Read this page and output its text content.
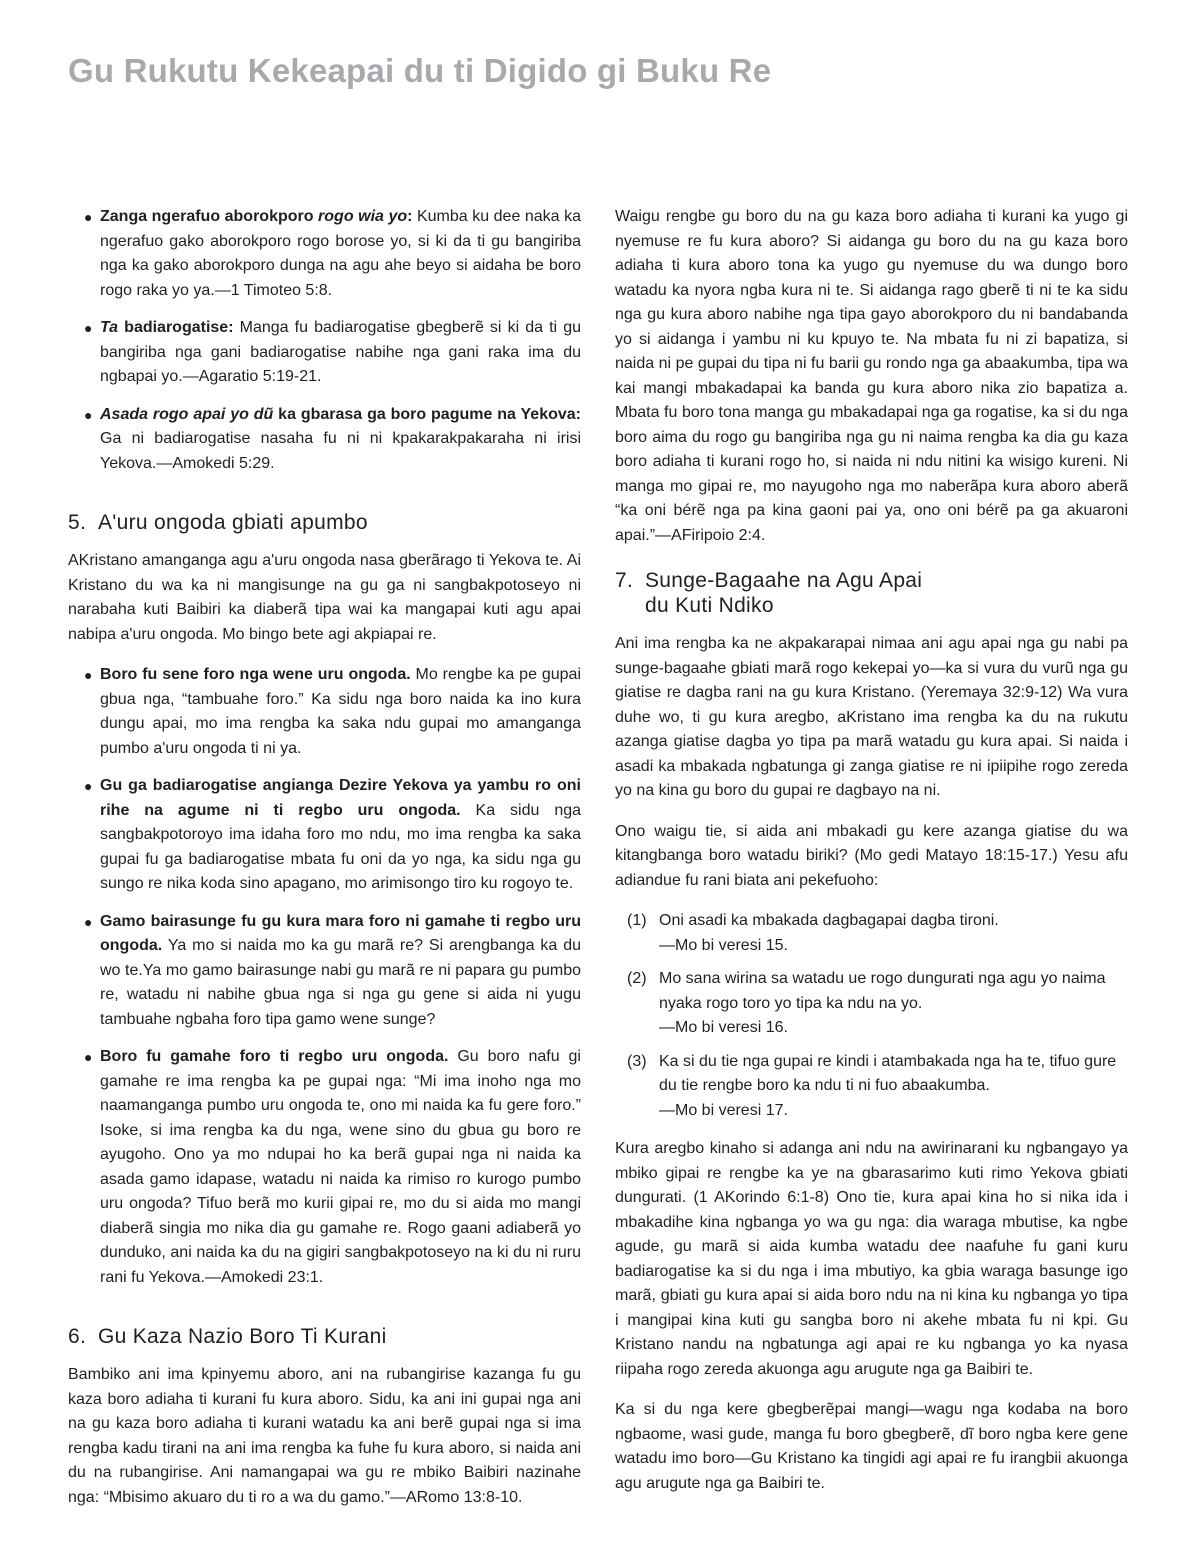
Gu Rukutu Kekeapai du ti Digido gi Buku Re
● Zanga ngerafuo aborokporo rogo wia yo: Kumba ku dee naka ka ngerafuo gako aborokporo rogo borose yo, si ki da ti gu bangiriba nga ka gako aborokporo dunga na agu ahe beyo si aidaha be boro rogo raka yo ya.—1 Timoteo 5:8.
● Ta badiarogatise: Manga fu badiarogatise gbegberẽ si ki da ti gu bangiriba nga gani badiarogatise nabihe nga gani raka ima du ngbapai yo.—Agaratio 5:19-21.
● Asada rogo apai yo dũ ka gbarasa ga boro pagume na Yekova: Ga ni badiarogatise nasaha fu ni ni kpakarakpakaraha ni irisi Yekova.—Amokedi 5:29.
5. A'uru ongoda gbiati apumbo

AKristano amanganga agu a'uru ongoda nasa gberãrago ti Yekova te. Ai Kristano du wa ka ni mangisunge na gu ga ni sangbakpotoseyo ni narabaha kuti Baibiri ka diaberã tipa wai ka mangapai kuti agu apai nabipa a'uru ongoda. Mo bingo bete agi akpiapai re.

● Boro fu sene foro nga wene uru ongoda. Mo rengbe ka pe gupai gbua nga, “tambuahe foro.” Ka sidu nga boro naida ka ino kura dungu apai, mo ima rengba ka saka ndu gupai mo amanganga pumbo a'uru ongoda ti ni ya.
● Gu ga badiarogatise angianga Dezire Yekova ya yambu ro oni rihe na agume ni ti regbo uru ongoda. Ka sidu nga sangbakpotoroyo ima idaha foro mo ndu, mo ima rengba ka saka gupai fu ga badiarogatise mbata fu oni da yo nga, ka sidu nga gu sungo re nika koda sino apagano, mo arimisongo tiro ku rogoyo te.
● Gamo bairasunge fu gu kura mara foro ni gamahe ti regbo uru ongoda. Ya mo si naida mo ka gu marã re? Si arengbanga ka du wo te.Ya mo gamo bairasunge nabi gu marã re ni papara gu pumbo re, watadu ni nabihe gbua nga si nga gu gene si aida ni yugu tambuahe ngbaha foro tipa gamo wene sunge?
● Boro fu gamahe foro ti regbo uru ongoda. Gu boro nafu gi gamahe re ima rengba ka pe gupai nga: “Mi ima inoho nga mo naamanganga pumbo uru ongoda te, ono mi naida ka fu gere foro.” Isoke, si ima rengba ka du nga, wene sino du gbua gu boro re ayugoho. Ono ya mo ndupai ho ka berã gupai nga ni naida ka asada gamo idapase, watadu ni naida ka rimiso ro kurogo pumbo uru ongoda? Tifuo berã mo kurii gipai re, mo du si aida mo mangi diaberã singia mo nika dia gu gamahe re. Rogo gaani adiaberã yo dunduko, ani naida ka du na gigiri sangbakpotoseyo na ki du ni ruru rani fu Yekova.—Amokedi 23:1.
6. Gu Kaza Nazio Boro Ti Kurani

Bambiko ani ima kpinyemu aboro, ani na rubangirise kazanga fu gu kaza boro adiaha ti kurani fu kura aboro. Sidu, ka ani ini gupai nga ani na gu kaza boro adiaha ti kurani watadu ka ani berẽ gupai nga si ima rengba kadu tirani na ani ima rengba ka fuhe fu kura aboro, si naida ani du na rubangirise. Ani namangapai wa gu re mbiko Baibiri nazinahe nga: “Mbisimo akuaro du ti ro a wa du gamo.”—ARomo 13:8-10.

Waigu rengbe gu boro du na gu kaza boro adiaha ti kurani ka yugo gi nyemuse re fu kura aboro? Si aidanga gu boro du na gu kaza boro adiaha ti kura aboro tona ka yugo gu nyemuse du wa dungo boro watadu ka nyora ngba kura ni te. Si aidanga rago gberẽ ti ni te ka sidu nga gu kura aboro nabihe nga tipa gayo aborokporo du ni bandabanda yo si aidanga i yambu ni ku kpuyo te. Na mbata fu ni zi bapatiza, si naida ni pe gupai du tipa ni fu barii gu rondo nga ga abaakumba, tipa wa kai mangi mbakadapai ka banda gu kura aboro nika zio bapatiza a. Mbata fu boro tona manga gu mbakadapai nga ga rogatise, ka si du nga boro aima du rogo gu bangiriba nga gu ni naima rengba ka dia gu kaza boro adiaha ti kurani rogo ho, si naida ni ndu nitini ka wisigo kureni. Ni manga mo gipai re, mo nayugoho nga mo naberãpa kura aboro aberã “ka oni bérẽ nga pa kina gaoni pai ya, ono oni bérẽ pa ga akuaroni apai.”—AFiripoio 2:4.

7. Sunge-Bagaahe na Agu Apai
du Kuti Ndiko

Ani ima rengba ka ne akpakarapai nimaa ani agu apai nga gu nabi pa sunge-bagaahe gbiati marã rogo kekepai yo—ka si vura du vurũ nga gu giatise re dagba rani na gu kura Kristano. (Yeremaya 32:9-12) Wa vura duhe wo, ti gu kura aregbo, aKristano ima rengba ka du na rukutu azanga giatise dagba yo tipa pa marã watadu gu kura apai. Si naida i asadi ka mbakada ngbatunga gi zanga giatise re ni ipiipihe rogo zereda yo na kina gu boro du gupai re dagbayo na ni.

Ono waigu tie, si aida ani mbakadi gu kere azanga giatise du wa kitangbanga boro watadu biriki? (Mo gedi Matayo 18:15-17.) Yesu afu adiandue fu rani biata ani pekefuoho:

(1) Oni asadi ka mbakada dagbagapai dagba tironi.
—Mo bi veresi 15.
(2) Mo sana wirina sa watadu ue rogo dungurati nga agu yo naima nyaka rogo toro yo tipa ka ndu na yo.
—Mo bi veresi 16.
(3) Ka si du tie nga gupai re kindi i atambakada nga ha te, tifuo gure du tie rengbe boro ka ndu ti ni fuo abaakumba.
—Mo bi veresi 17.

Kura aregbo kinaho si adanga ani ndu na awirinarani ku ngbangayo ya mbiko gipai re rengbe ka ye na gbarasarimo kuti rimo Yekova gbiati dungurati. (1 AKorindo 6:1-8) Ono tie, kura apai kina ho si nika ida i mbakadihe kina ngbanga yo wa gu nga: dia waraga mbutise, ka ngbe agude, gu marã si aida kumba watadu dee naafuhe fu gani kuru badiarogatise ka si du nga i ima mbutiyo, ka gbia waraga basunge igo marã, gbiati gu kura apai si aida boro ndu na ni kina ku ngbanga yo tipa i mangipai kina kuti gu sangba boro ni akehe mbata fu ni kpi. Gu Kristano nandu na ngbatunga agi apai re ku ngbanga yo ka nyasa riipaha rogo zereda akuonga agu arugute nga ga Baibiri te.

Ka si du nga kere gbegberẽpai mangi—wagu nga kodaba na boro ngbaome, wasi gude, manga fu boro gbegberẽ, dĩ boro ngba kere gene watadu imo boro—Gu Kristano ka tingidi agi apai re fu irangbii akuonga agu arugute nga ga Baibiri te.
